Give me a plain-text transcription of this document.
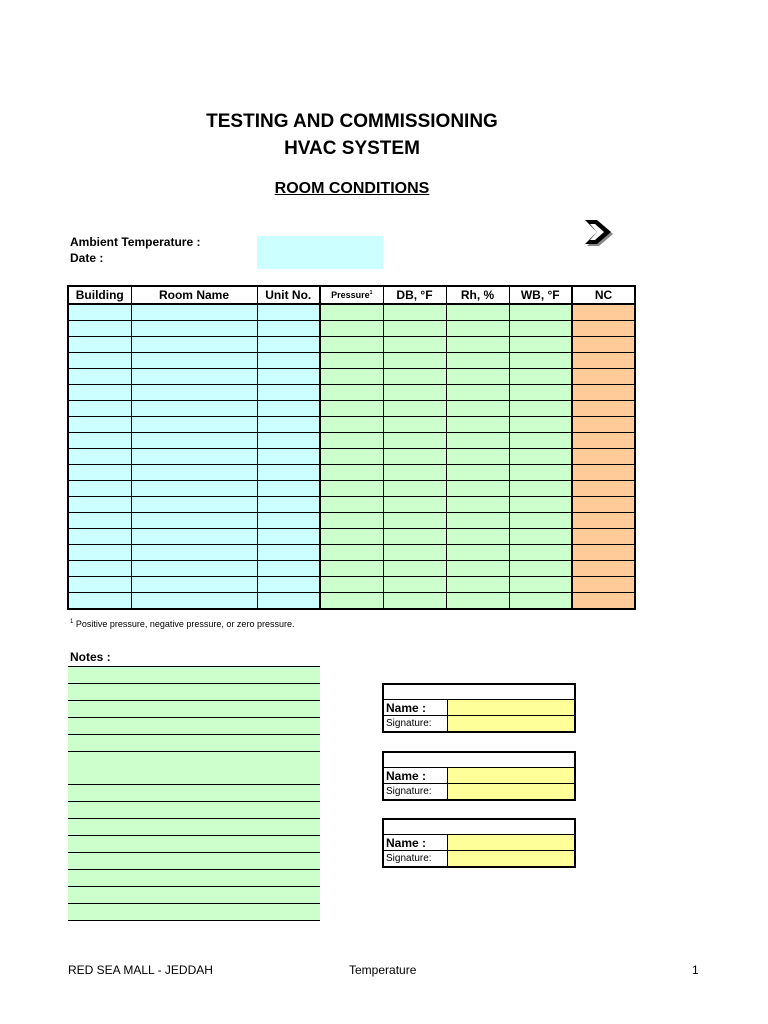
TESTING AND COMMISSIONING
HVAC SYSTEM
ROOM CONDITIONS
Ambient Temperature :
Date :
Building	Room Name	Unit No.	Pressure$^1$	DB, °F	Rh, %	WB, °F	NC

$^1$ Positive pressure, negative pressure, or zero pressure.
Notes :

Name :	
Signature:	

Name :	
Signature:	

Name :	
Signature:	
RED SEA MALL - JEDDAH	Temperature	1
